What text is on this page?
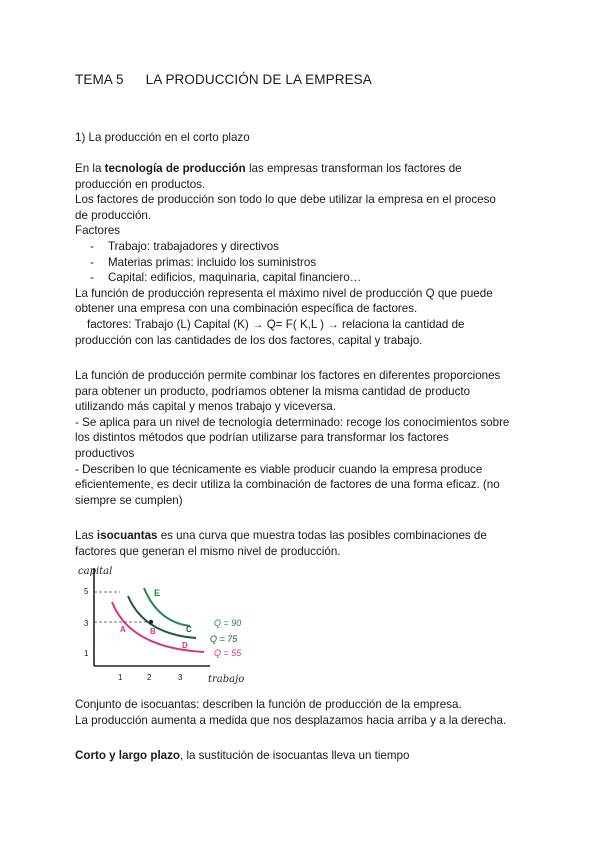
TEMA 5 LA PRODUCCIÓN DE LA EMPRESA
1) La producción en el corto plazo
En la tecnología de producción las empresas transforman los factores de
producción en productos.
Los factores de producción son todo lo que debe utilizar la empresa en el proceso
de producción.
Factores
- Trabajo: trabajadores y directivos
- Materias primas: incluido los suministros
- Capital: edificios, maquinaria, capital financiero…
La función de producción representa el máximo nivel de producción Q que puede
obtener una empresa con una combinación específica de factores.
factores: Trabajo (L) Capital (K) → Q= F( K,L ) → relaciona la cantidad de
producción con las cantidades de los dos factores, capital y trabajo.
La función de producción permite combinar los factores en diferentes proporciones
para obtener un producto, podríamos obtener la misma cantidad de producto
utilizando más capital y menos trabajo y viceversa.
- Se aplica para un nivel de tecnología determinado: recoge los conocimientos sobre
los distintos métodos que podrían utilizarse para transformar los factores
productivos
- Describen lo que técnicamente es viable producir cuando la empresa produce
eficientemente, es decir utiliza la combinación de factores de una forma eficaz. (no
siempre se cumplen)
Las isocuantas es una curva que muestra todas las posibles combinaciones de
factores que generan el mismo nivel de producción.
capital
trabajo
5
3
1
1	2	3
A	B
E
C
D
Q = 90
Q = 75
Q = 55
Conjunto de isocuantas: describen la función de producción de la empresa.
La producción aumenta a medida que nos desplazamos hacia arriba y a la derecha.
Corto y largo plazo, la sustitución de isocuantas lleva un tiempo
